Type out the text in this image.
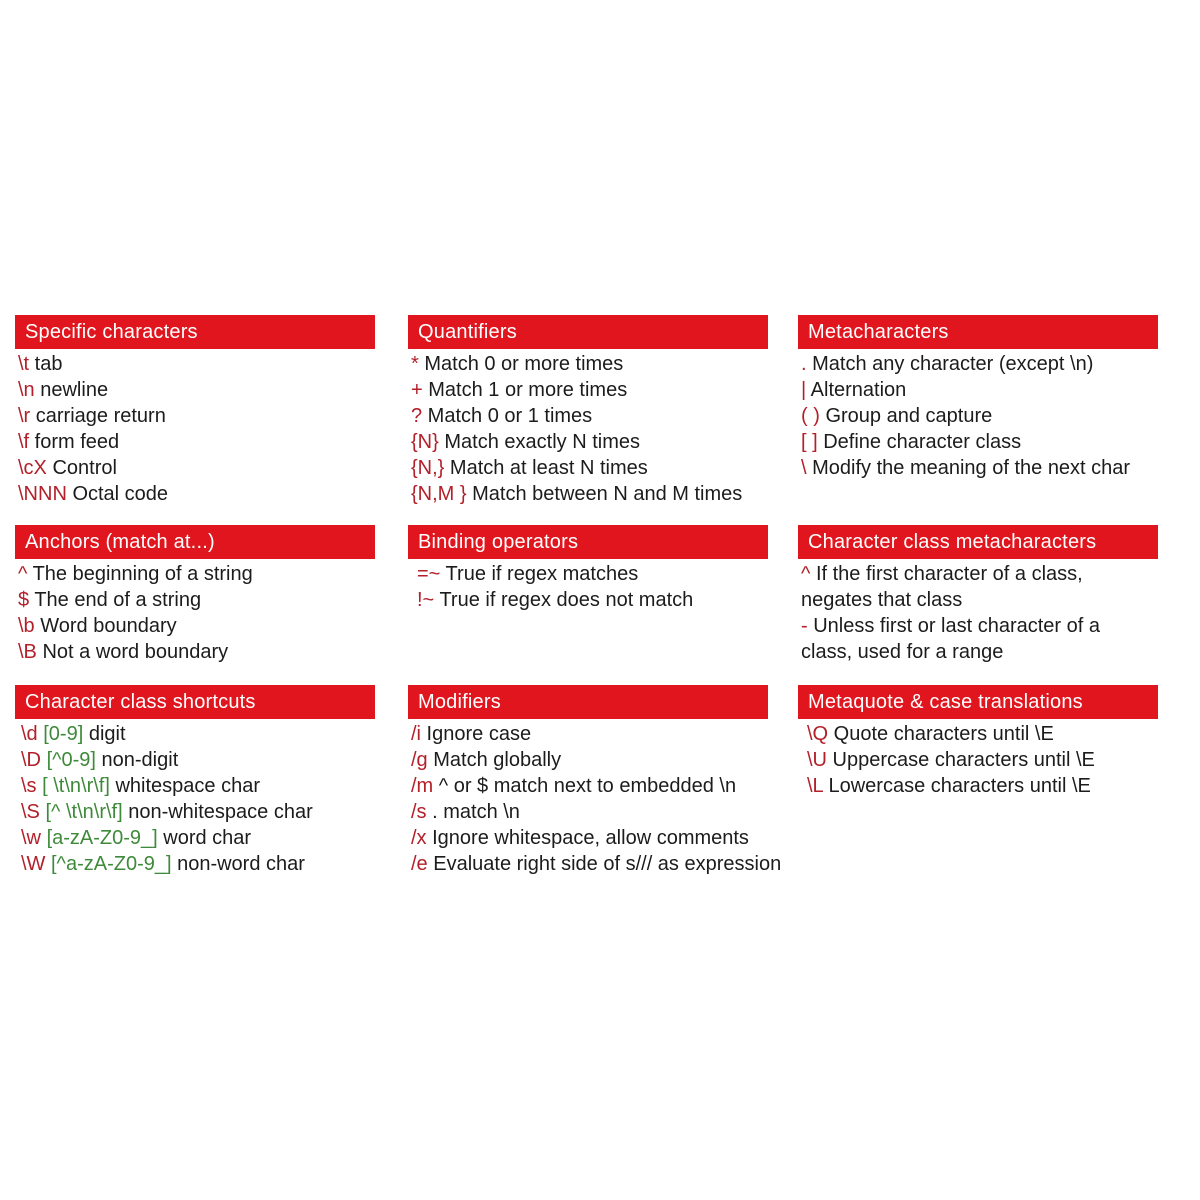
Specific characters
\t tab
\n newline
\r carriage return
\f form feed
\cX Control
\NNN Octal code
Quantifiers
* Match 0 or more times
+ Match 1 or more times
? Match 0 or 1 times
{N} Match exactly N times
{N,} Match at least N times
{N,M } Match between N and M times
Metacharacters
. Match any character (except \n)
| Alternation
( ) Group and capture
[ ] Define character class
\ Modify the meaning of the next char
Anchors (match at...)
^ The beginning of a string
$ The end of a string
\b Word boundary
\B Not a word boundary
Binding operators
=~ True if regex matches
!~ True if regex does not match
Character class metacharacters
^ If the first character of a class,
negates that class
- Unless first or last character of a
class, used for a range
Character class shortcuts
\d [0-9] digit
\D [^0-9] non-digit
\s [ \t\n\r\f] whitespace char
\S [^ \t\n\r\f] non-whitespace char
\w [a-zA-Z0-9_] word char
\W [^a-zA-Z0-9_] non-word char
Modifiers
/i Ignore case
/g Match globally
/m ^ or $ match next to embedded \n
/s . match \n
/x Ignore whitespace, allow comments
/e Evaluate right side of s/// as expression
Metaquote & case translations
\Q Quote characters until \E
\U Uppercase characters until \E
\L Lowercase characters until \E
